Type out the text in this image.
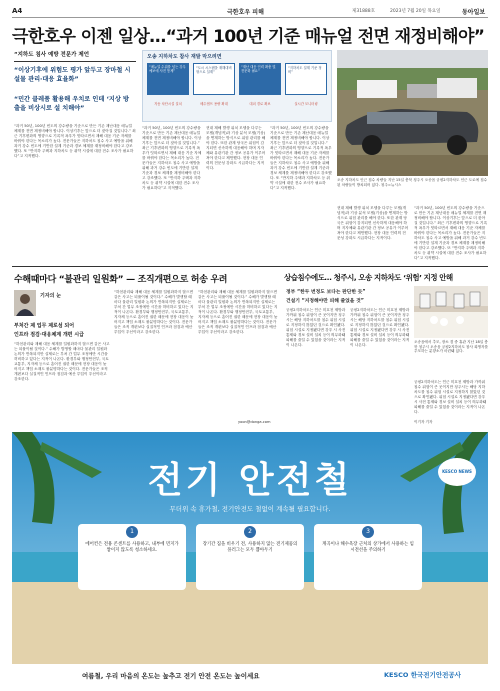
A4	극한호우 피해	제31888호	2023년 7월 20일 목요일	동아일보
극한호우 이젠 일상…“과거 100년 기준 매뉴얼 전면 재정비해야”
“지하도 침사 예방 전문가 제언
“이상기후에 위험도 평가 앞두고 장마철 시설물 관리·대응 효율화”
“민간 클레품 활용해 우치로 인데 ‘지상 방출을 비상시로 설 치해야”
“과거 50년, 100년 빈도의 강수량을 기준으로 만든 기존 재난대응 매뉴얼 체계를 전면 재정비해야 합니다. 이상기후는 앞으로 더 잦아질 것입니다.” 최근 기후변화의 영향으로 기록적 폭우가 잇따르면서 재해 대응 기준 자체를 바꿔야 한다는 목소리가 높다. 전문가들은 지하차도 침수 사고 예방을 위해 과거 강수 빈도에 기반한 설계 기준과 경보 체계를 재정비해야 한다고 강조했다. 또 “반지하 주택과 지하차도 등 취약 시설에 대한 전수 조사가 필요하다”고 지적했다.
오송 지하차도 참사 재발 막으려면
“매뉴얼 수위를 넘는 강우 예보에 사전 통제”
“도시 시스템을 재해대비 형으로 설계”
“재난 대응 인력 확충 및 전문화 필요”
“지하차도 설계 기준 정비”
자동 차단시설 설치	배수펌프 용량 확대	대피 경로 확보	실시간 모니터링
“과거 50년, 100년 빈도의 강수량을 기준으로 만든 기존 재난대응 매뉴얼 체계를 전면 재정비해야 합니다. 이상기후는 앞으로 더 잦아질 것입니다.” 최근 기후변화의 영향으로 기록적 폭우가 잇따르면서 재해 대응 기준 자체를 바꿔야 한다는 목소리가 높다. 전문가들은 지하차도 침수 사고 예방을 위해 과거 강수 빈도에 기반한 설계 기준과 경보 체계를 재정비해야 한다고 강조했다. 또 “반지하 주택과 지하차도 등 취약 시설에 대한 전수 조사가 필요하다”고 지적했다.
현대 재해 발생 위치 모델을 다루는 모델(개념적)과 기상 분석 모델(기상)을 연계하는 방식으로 위험 관리를 해야 한다. 또한 관계 당국은 위험이 감지되면 신속하게 대응해야 하며 지자체와 유관기관 간 정보 공유가 이루어져야 한다고 제언했다. 현장 대응 인력의 전문성 강화도 시급하다는 지적이다.
“과거 50년, 100년 빈도의 강수량을 기준으로 만든 기존 재난대응 매뉴얼 체계를 전면 재정비해야 합니다. 이상기후는 앞으로 더 잦아질 것입니다.” 최근 기후변화의 영향으로 기록적 폭우가 잇따르면서 재해 대응 기준 자체를 바꿔야 한다는 목소리가 높다. 전문가들은 지하차도 침수 사고 예방을 위해 과거 강수 빈도에 기반한 설계 기준과 경보 체계를 재정비해야 한다고 강조했다. 또 “반지하 주택과 지하차도 등 취약 시설에 대한 전수 조사가 필요하다”고 지적했다.
오송 지하차도 인근 침수 차량들 지난 15일 충북 청주시 오송읍 궁평2지하차도 인근 도로에 침수된 차량들이 방치되어 있다. 청주=뉴시스
현대 재해 발생 위치 모델을 다루는 모델(개념적)과 기상 분석 모델(기상)을 연계하는 방식으로 위험 관리를 해야 한다. 또한 관계 당국은 위험이 감지되면 신속하게 대응해야 하며 지자체와 유관기관 간 정보 공유가 이루어져야 한다고 제언했다. 현장 대응 인력의 전문성 강화도 시급하다는 지적이다.
“과거 50년, 100년 빈도의 강수량을 기준으로 만든 기존 재난대응 매뉴얼 체계를 전면 재정비해야 합니다. 이상기후는 앞으로 더 잦아질 것입니다.” 최근 기후변화의 영향으로 기록적 폭우가 잇따르면서 재해 대응 기준 자체를 바꿔야 한다는 목소리가 높다. 전문가들은 지하차도 침수 사고 예방을 위해 과거 강수 빈도에 기반한 설계 기준과 경보 체계를 재정비해야 한다고 강조했다. 또 “반지하 주택과 지하차도 등 취약 시설에 대한 전수 조사가 필요하다”고 지적했다.
수해때마다 “불관리 일원화” — 조직개편으로 허송 우려
기자의 눈
부처간 제 업무 제로섬 되어
인프라 점검·대응체계 개편 시급
“하천관리와 재해 대응 체계를 일원화하지 않으면 같은 사고는 되풀이될 것이다.” 수해가 발생할 때마다 물관리 일원화 논의가 반복되지만 실제로는 부처 간 업무 조정에만 시간을 허비하고 있다는 지적이 나온다. 환경부와 행정안전부, 국토교통부, 지자체 등으로 흩어진 권한 때문에 현장 대응이 늦어지고 책임 소재도 불분명하다는 것이다. 전문가들은 조직 개편보다 실질적인 인프라 점검과 예산 투입이 우선이라고 강조한다.
“하천관리와 재해 대응 체계를 일원화하지 않으면 같은 사고는 되풀이될 것이다.” 수해가 발생할 때마다 물관리 일원화 논의가 반복되지만 실제로는 부처 간 업무 조정에만 시간을 허비하고 있다는 지적이 나온다. 환경부와 행정안전부, 국토교통부, 지자체 등으로 흩어진 권한 때문에 현장 대응이 늦어지고 책임 소재도 불분명하다는 것이다. 전문가들은 조직 개편보다 실질적인 인프라 점검과 예산 투입이 우선이라고 강조한다.
“하천관리와 재해 대응 체계를 일원화하지 않으면 같은 사고는 되풀이될 것이다.” 수해가 발생할 때마다 물관리 일원화 논의가 반복되지만 실제로는 부처 간 업무 조정에만 시간을 허비하고 있다는 지적이 나온다. 환경부와 행정안전부, 국토교통부, 지자체 등으로 흩어진 권한 때문에 현장 대응이 늦어지고 책임 소재도 불분명하다는 것이다. 전문가들은 조직 개편보다 실질적인 인프라 점검과 예산 투입이 우선이라고 강조한다.
yoon@donga.com
상습침수에도… 청주시, 오송 지하차도 ‘위험’ 지정 안해
정부 “한두 번정도 보다는 판단한 듯”
건설기 “지정해야만 피해 줄었을 것”
궁평2지하차도는 인근 미호천 제방과 가까워 침수 위험이 큰 곳이지만 청주시는 해당 지하차도를 침수 위험 시설로 지정하지 않았던 것으로 확인됐다. 위험 시설로 지정됐다면 강우 시 사전 통제와 경보 설비 설치 등이 의무화돼 피해를 줄일 수 있었을 것이라는 지적이 나온다.
궁평2지하차도는 인근 미호천 제방과 가까워 침수 위험이 큰 곳이지만 청주시는 해당 지하차도를 침수 위험 시설로 지정하지 않았던 것으로 확인됐다. 위험 시설로 지정됐다면 강우 시 사전 통제와 경보 설비 설치 등이 의무화돼 피해를 줄일 수 있었을 것이라는 지적이 나온다.
오송읍에서 추모, 장소 겸 중 휴관 지난 18일 충북 청주시 오송읍 궁평2지하차도 참사 희생자를 추모하는 분향소가 마련돼 있다.
궁평2지하차도는 인근 미호천 제방과 가까워 침수 위험이 큰 곳이지만 청주시는 해당 지하차도를 침수 위험 시설로 지정하지 않았던 것으로 확인됐다. 위험 시설로 지정됐다면 강우 시 사전 통제와 경보 설비 설치 등이 의무화돼 피해를 줄일 수 있었을 것이라는 지적이 나온다.
이기자 기자
전기 안전철
무더위 속 휴가철, 전기안전도 철없이 계속될 필요합니다.
KESCO NEWS
1
에어컨은 전용 콘센트를 사용하고, 내부에 먼지가 쌓이지 않도록 청소하세요.
2
장기간 집을 비우기 전, 사용하지 않는 전기제품의 플러그는 모두 뽑아두기
3
계곡이나 해수욕장 근처의 상가에서 사용하는 임시전선을 주의하기
여름철, 우리 마음의 온도는 높추고 전기 안전 온도는 높이세요	KESCO 한국전기안전공사
